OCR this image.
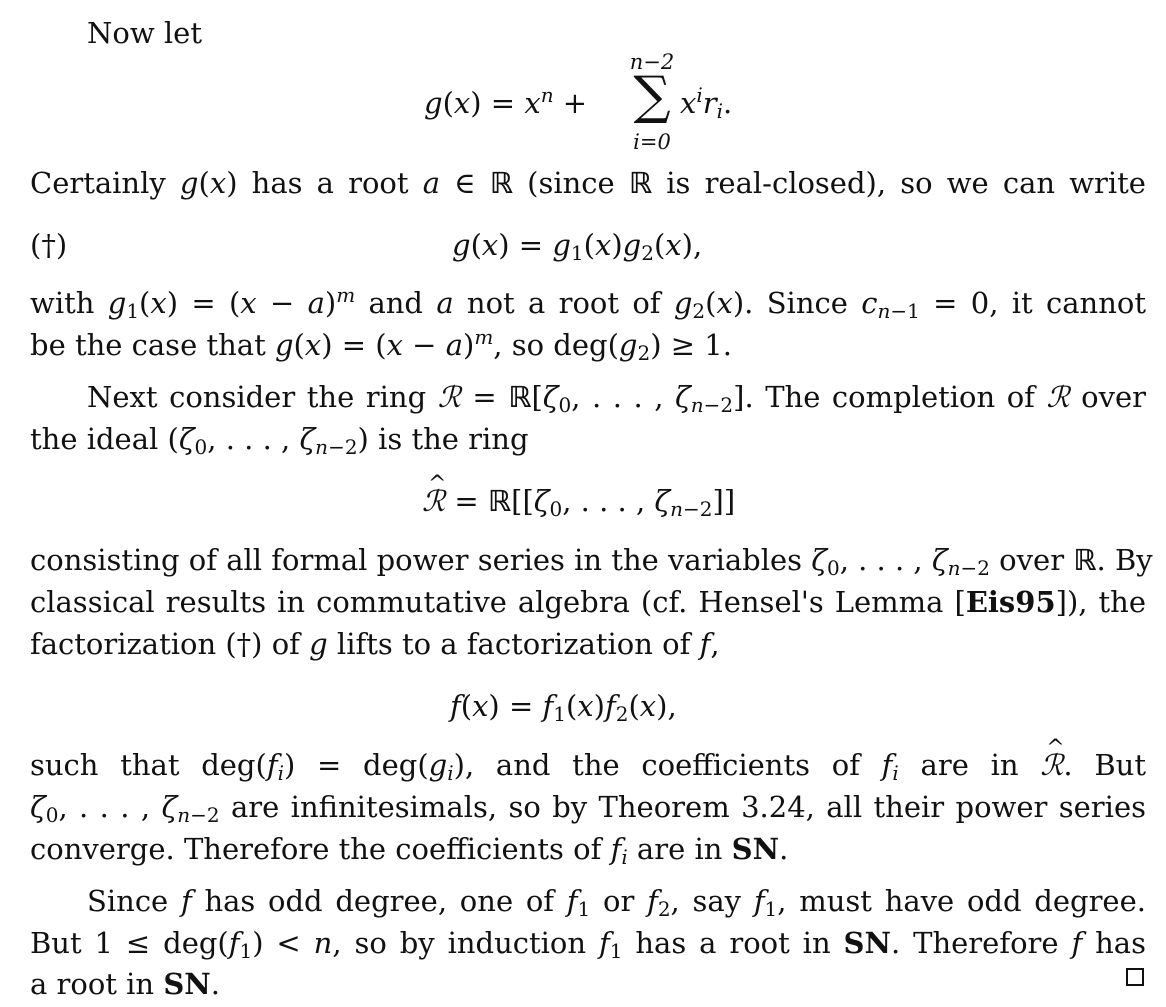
Now let
$g(x) = x^n$ +
n−2
∑
i=0
$x^ir_i$.
Certainly g(x) has a root a ∈ ℝ (since ℝ is real-closed), so we can write
(†)	$g(x) = g_1(x)g_2(x)$,
with $g_1(x) = (x - a)^m$ and a not a root of $g_2(x)$. Since $c_{n-1} = 0$, it cannot
be the case that $g(x) = (x - a)^m$, so $deg(g_2) \ge 1$.
Next consider the ring ℛ = $ℝ[\zeta_0$, . . . , $\zeta_{n-2}$]. The completion of ℛ over
the ideal ($\zeta_0$, . . . , $\zeta_{n-2}$) is the ring
^ ℛ = $ℝ[[\zeta_0$, . . . , $\zeta_{n-2}$]]
consisting of all formal power series in the variables $\zeta_0$, . . . , $\zeta_{n-2}$ over ℝ. By
classical results in commutative algebra (cf. Hensel's Lemma [Eis95]), the
factorization (†) of g lifts to a factorization of f,
$f(x) = f_1(x)f_2(x)$,
such that $deg(f_i) = deg(g_i)$, and the coefficients of $f_i$ are in ^ ℛ. But
$\zeta_0$, . . . , $\zeta_{n-2}$ are infinitesimals, so by Theorem 3.24, all their power series
converge. Therefore the coefficients of $f_i$ are in SN.
Since f has odd degree, one of $f_1$ or $f_2$, say $f_1$, must have odd degree.
But $1 \le deg(f_1) < n$, so by induction $f_1$ has a root in SN. Therefore f has
a root in SN.
